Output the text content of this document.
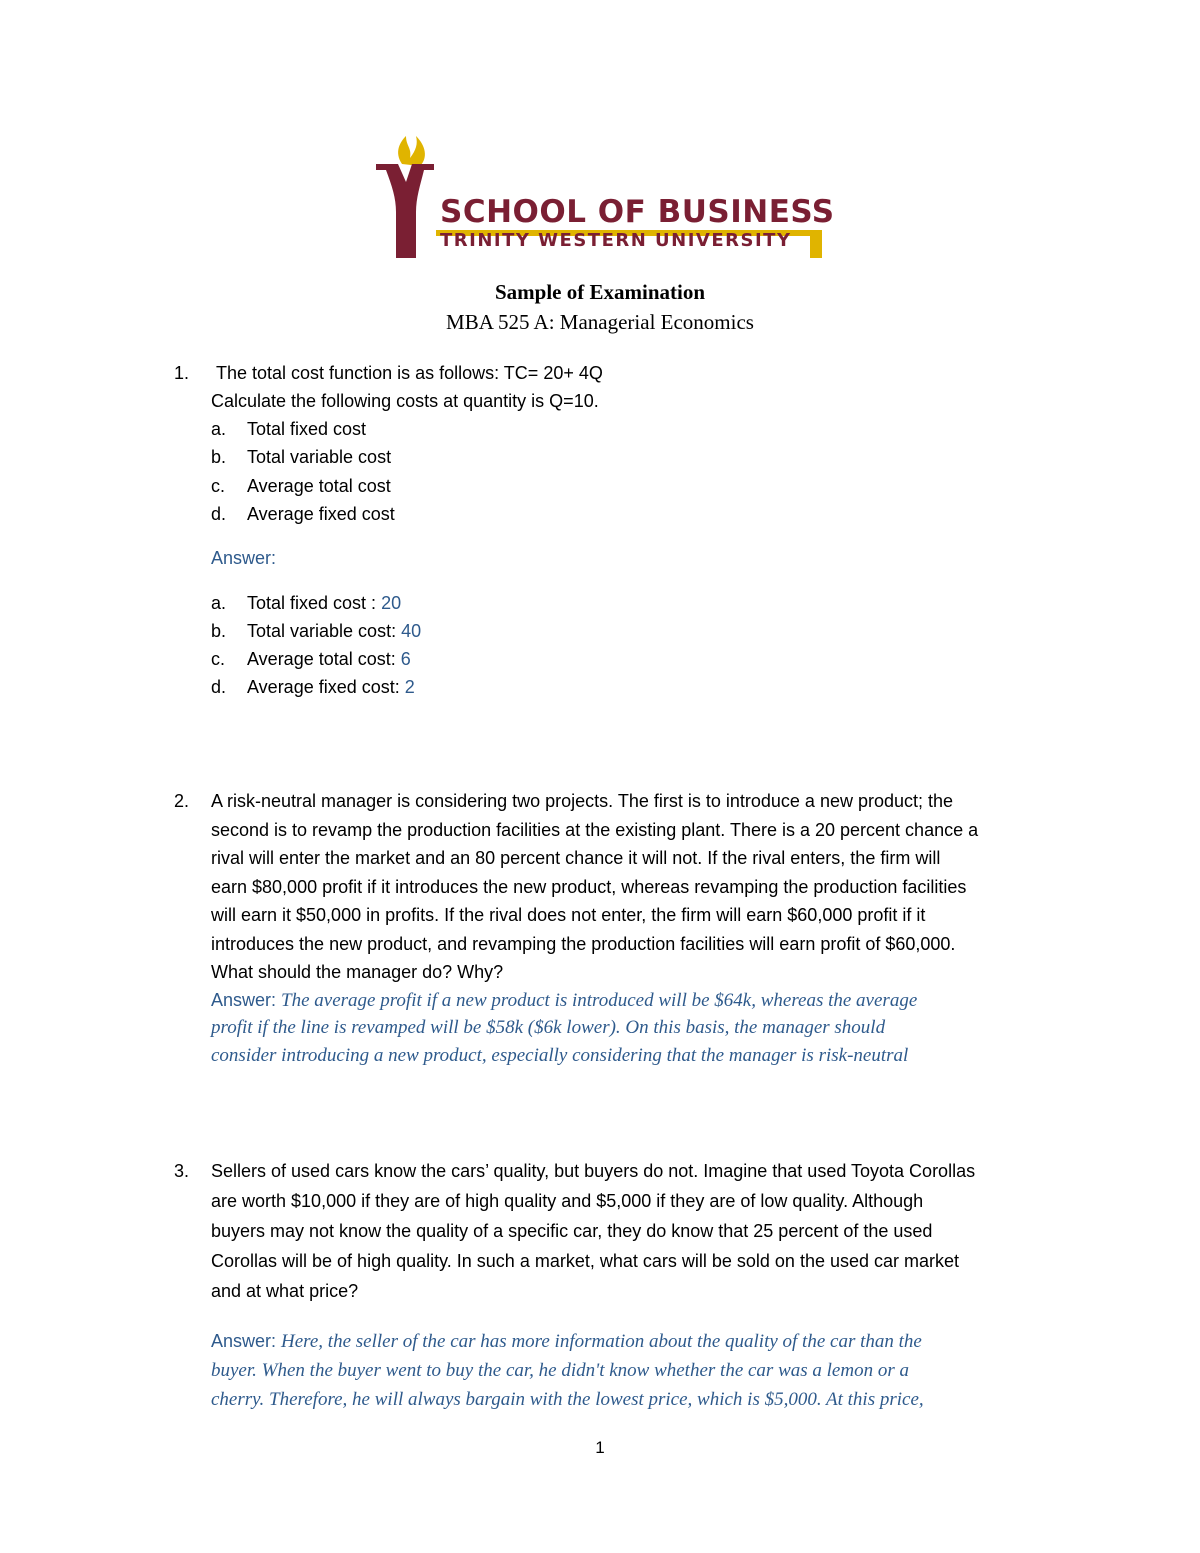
SCHOOL OF BUSINESS
TRINITY WESTERN UNIVERSITY
Sample of Examination
MBA 525 A: Managerial Economics
1. The total cost function is as follows: TC= 20+ 4Q
Calculate the following costs at quantity is Q=10.
a. Total fixed cost
b. Total variable cost
c. Average total cost
d. Average fixed cost
Answer:
a. Total fixed cost : 20
b. Total variable cost: 40
c. Average total cost: 6
d. Average fixed cost: 2
2. A risk-neutral manager is considering two projects. The first is to introduce a new product; the
second is to revamp the production facilities at the existing plant. There is a 20 percent chance a
rival will enter the market and an 80 percent chance it will not. If the rival enters, the firm will
earn $80,000 profit if it introduces the new product, whereas revamping the production facilities
will earn it $50,000 in profits. If the rival does not enter, the firm will earn $60,000 profit if it
introduces the new product, and revamping the production facilities will earn profit of $60,000.
What should the manager do? Why?
Answer: The average profit if a new product is introduced will be $64k, whereas the average
profit if the line is revamped will be $58k ($6k lower). On this basis, the manager should
consider introducing a new product, especially considering that the manager is risk-neutral
3. Sellers of used cars know the cars’ quality, but buyers do not. Imagine that used Toyota Corollas
are worth $10,000 if they are of high quality and $5,000 if they are of low quality. Although
buyers may not know the quality of a specific car, they do know that 25 percent of the used
Corollas will be of high quality. In such a market, what cars will be sold on the used car market
and at what price?
Answer: Here, the seller of the car has more information about the quality of the car than the
buyer. When the buyer went to buy the car, he didn't know whether the car was a lemon or a
cherry. Therefore, he will always bargain with the lowest price, which is $5,000. At this price,
1
